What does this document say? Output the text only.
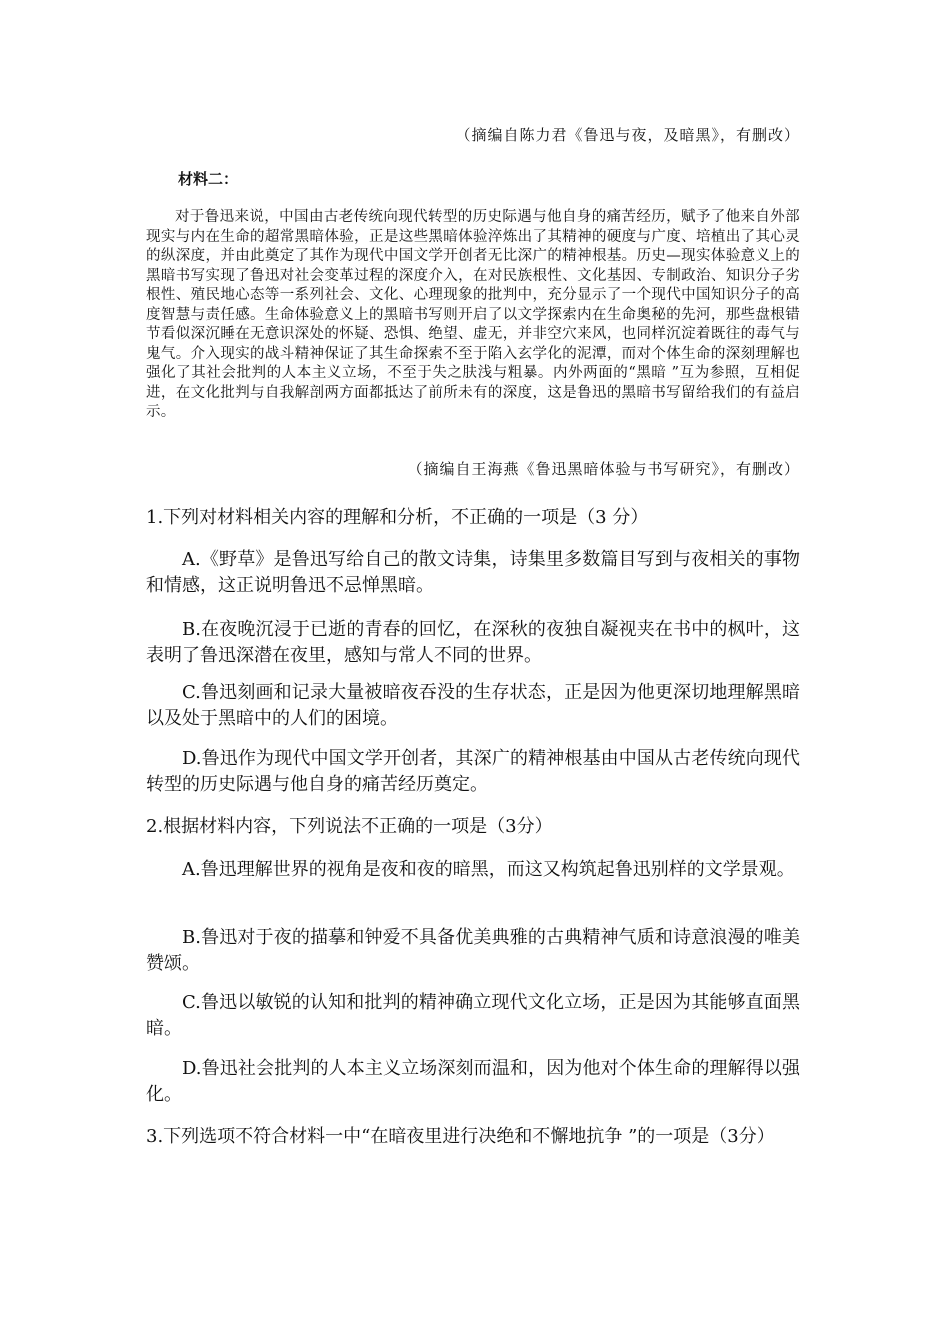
（摘编自陈力君《鲁迅与夜，及暗黑》，有删改）
材料二：

对于鲁迅来说，中国由古老传统向现代转型的历史际遇与他自身的痛苦经历，赋予了他来自外部现实与内在生命的超常黑暗体验，正是这些黑暗体验淬炼出了其精神的硬度与广度、培植出了其心灵的纵深度，并由此奠定了其作为现代中国文学开创者无比深广的精神根基。历史—现实体验意义上的黑暗书写实现了鲁迅对社会变革过程的深度介入，在对民族根性、文化基因、专制政治、知识分子劣根性、殖民地心态等一系列社会、文化、心理现象的批判中，充分显示了一个现代中国知识分子的高度智慧与责任感。生命体验意义上的黑暗书写则开启了以文学探索内在生命奥秘的先河，那些盘根错节看似深沉睡在无意识深处的怀疑、恐惧、绝望、虚无，并非空穴来风，也同样沉淀着既往的毒气与鬼气。介入现实的战斗精神保证了其生命探索不至于陷入玄学化的泥潭，而对个体生命的深刻理解也强化了其社会批判的人本主义立场，不至于失之肤浅与粗暴。内外两面的“黑暗 ”互为参照，互相促进，在文化批判与自我解剖两方面都抵达了前所未有的深度，这是鲁迅的黑暗书写留给我们的有益启示。

（摘编自王海燕《鲁迅黑暗体验与书写研究》，有删改）

1.下列对材料相关内容的理解和分析，不正确的一项是（3 分）

A.《野草》是鲁迅写给自己的散文诗集，诗集里多数篇目写到与夜相关的事物和情感，这正说明鲁迅不忌惮黑暗。

B.在夜晚沉浸于已逝的青春的回忆，在深秋的夜独自凝视夹在书中的枫叶，这表明了鲁迅深潜在夜里，感知与常人不同的世界。

C.鲁迅刻画和记录大量被暗夜吞没的生存状态，正是因为他更深切地理解黑暗以及处于黑暗中的人们的困境。

D.鲁迅作为现代中国文学开创者，其深广的精神根基由中国从古老传统向现代转型的历史际遇与他自身的痛苦经历奠定。

2.根据材料内容，下列说法不正确的一项是（3分）

A.鲁迅理解世界的视角是夜和夜的暗黑，而这又构筑起鲁迅别样的文学景观。

B.鲁迅对于夜的描摹和钟爱不具备优美典雅的古典精神气质和诗意浪漫的唯美赞颂。

C.鲁迅以敏锐的认知和批判的精神确立现代文化立场，正是因为其能够直面黑暗。

D.鲁迅社会批判的人本主义立场深刻而温和，因为他对个体生命的理解得以强化。

3.下列选项不符合材料一中“在暗夜里进行决绝和不懈地抗争 ”的一项是（3分）
